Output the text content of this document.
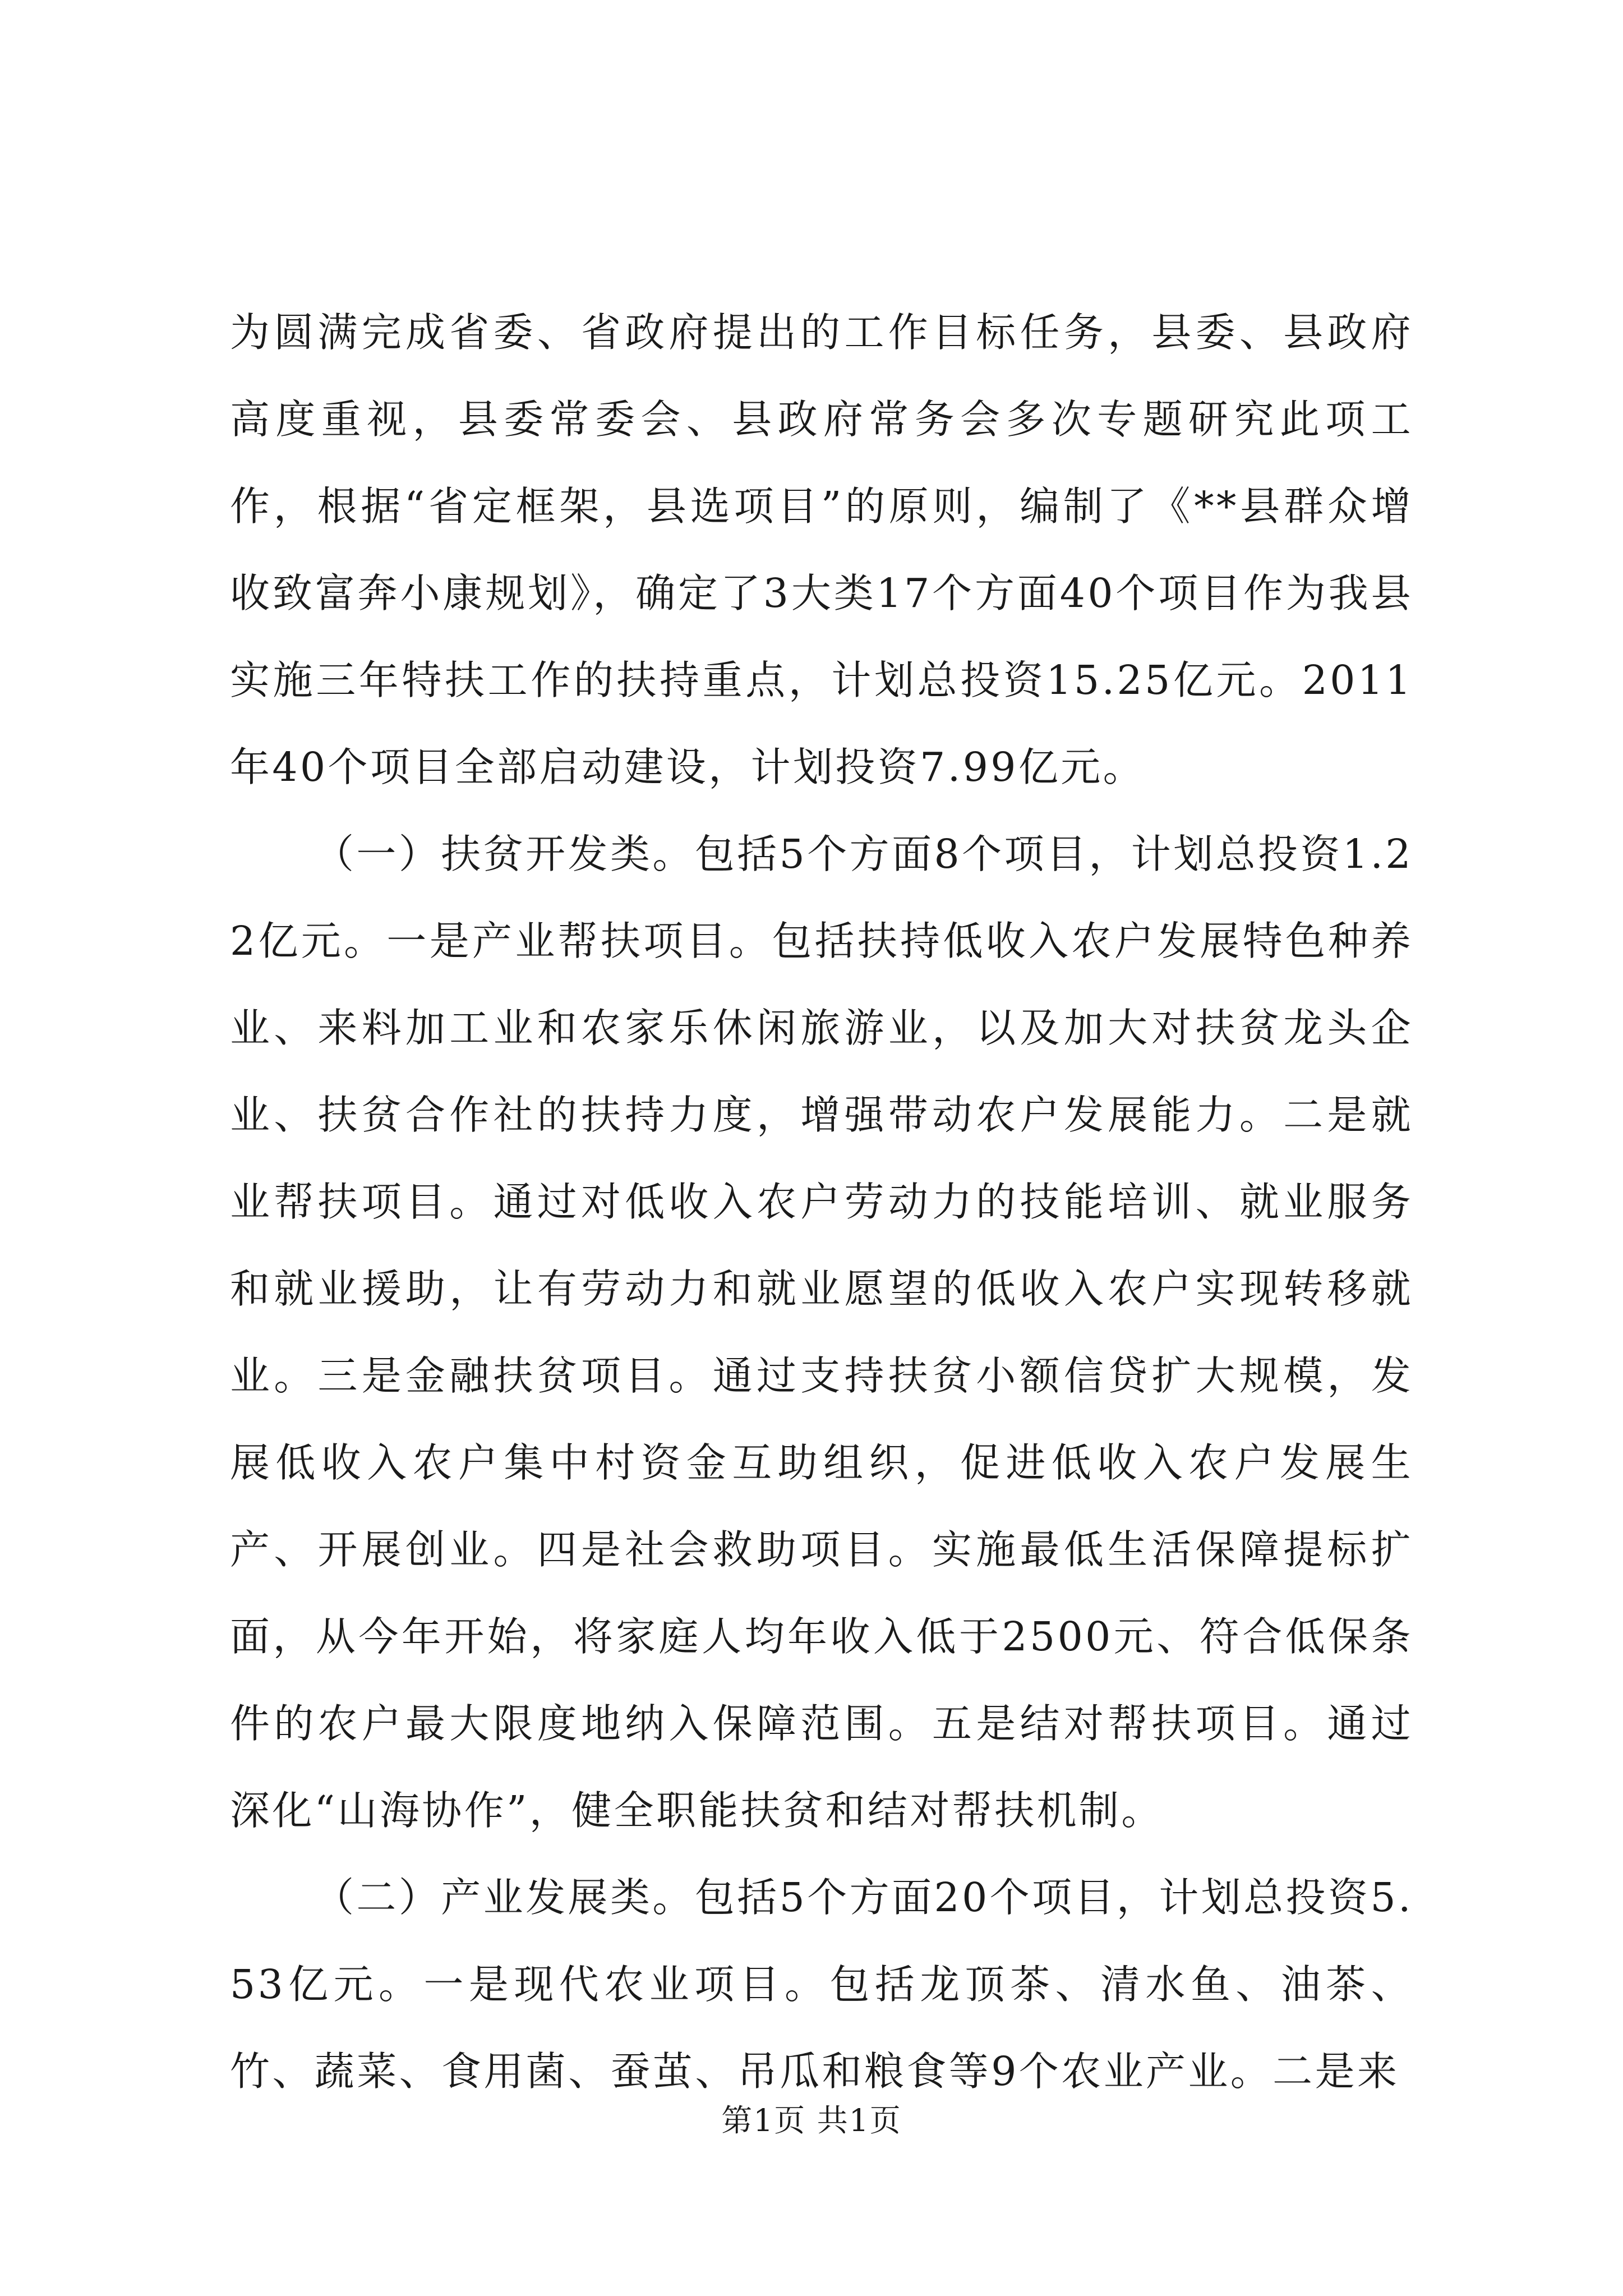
为圆满完成省委、省政府提出的工作目标任务，县委、县政府高度重视，县委常委会、县政府常务会多次专题研究此项工作，根据“省定框架，县选项目”的原则，编制了《**县群众增收致富奔小康规划》，确定了3大类17个方面40个项目作为我县实施三年特扶工作的扶持重点，计划总投资15.25亿元。2011年40个项目全部启动建设，计划投资7.99亿元。

（一）扶贫开发类。包括5个方面8个项目，计划总投资1.22亿元。一是产业帮扶项目。包括扶持低收入农户发展特色种养业、来料加工业和农家乐休闲旅游业，以及加大对扶贫龙头企业、扶贫合作社的扶持力度，增强带动农户发展能力。二是就业帮扶项目。通过对低收入农户劳动力的技能培训、就业服务和就业援助，让有劳动力和就业愿望的低收入农户实现转移就业。三是金融扶贫项目。通过支持扶贫小额信贷扩大规模，发展低收入农户集中村资金互助组织，促进低收入农户发展生产、开展创业。四是社会救助项目。实施最低生活保障提标扩面，从今年开始，将家庭人均年收入低于2500元、符合低保条件的农户最大限度地纳入保障范围。五是结对帮扶项目。通过深化“山海协作”，健全职能扶贫和结对帮扶机制。

（二）产业发展类。包括5个方面20个项目，计划总投资5.53亿元。一是现代农业项目。包括龙顶茶、清水鱼、油茶、竹、蔬菜、食用菌、蚕茧、吊瓜和粮食等9个农业产业。二是来

第1页 共1页
